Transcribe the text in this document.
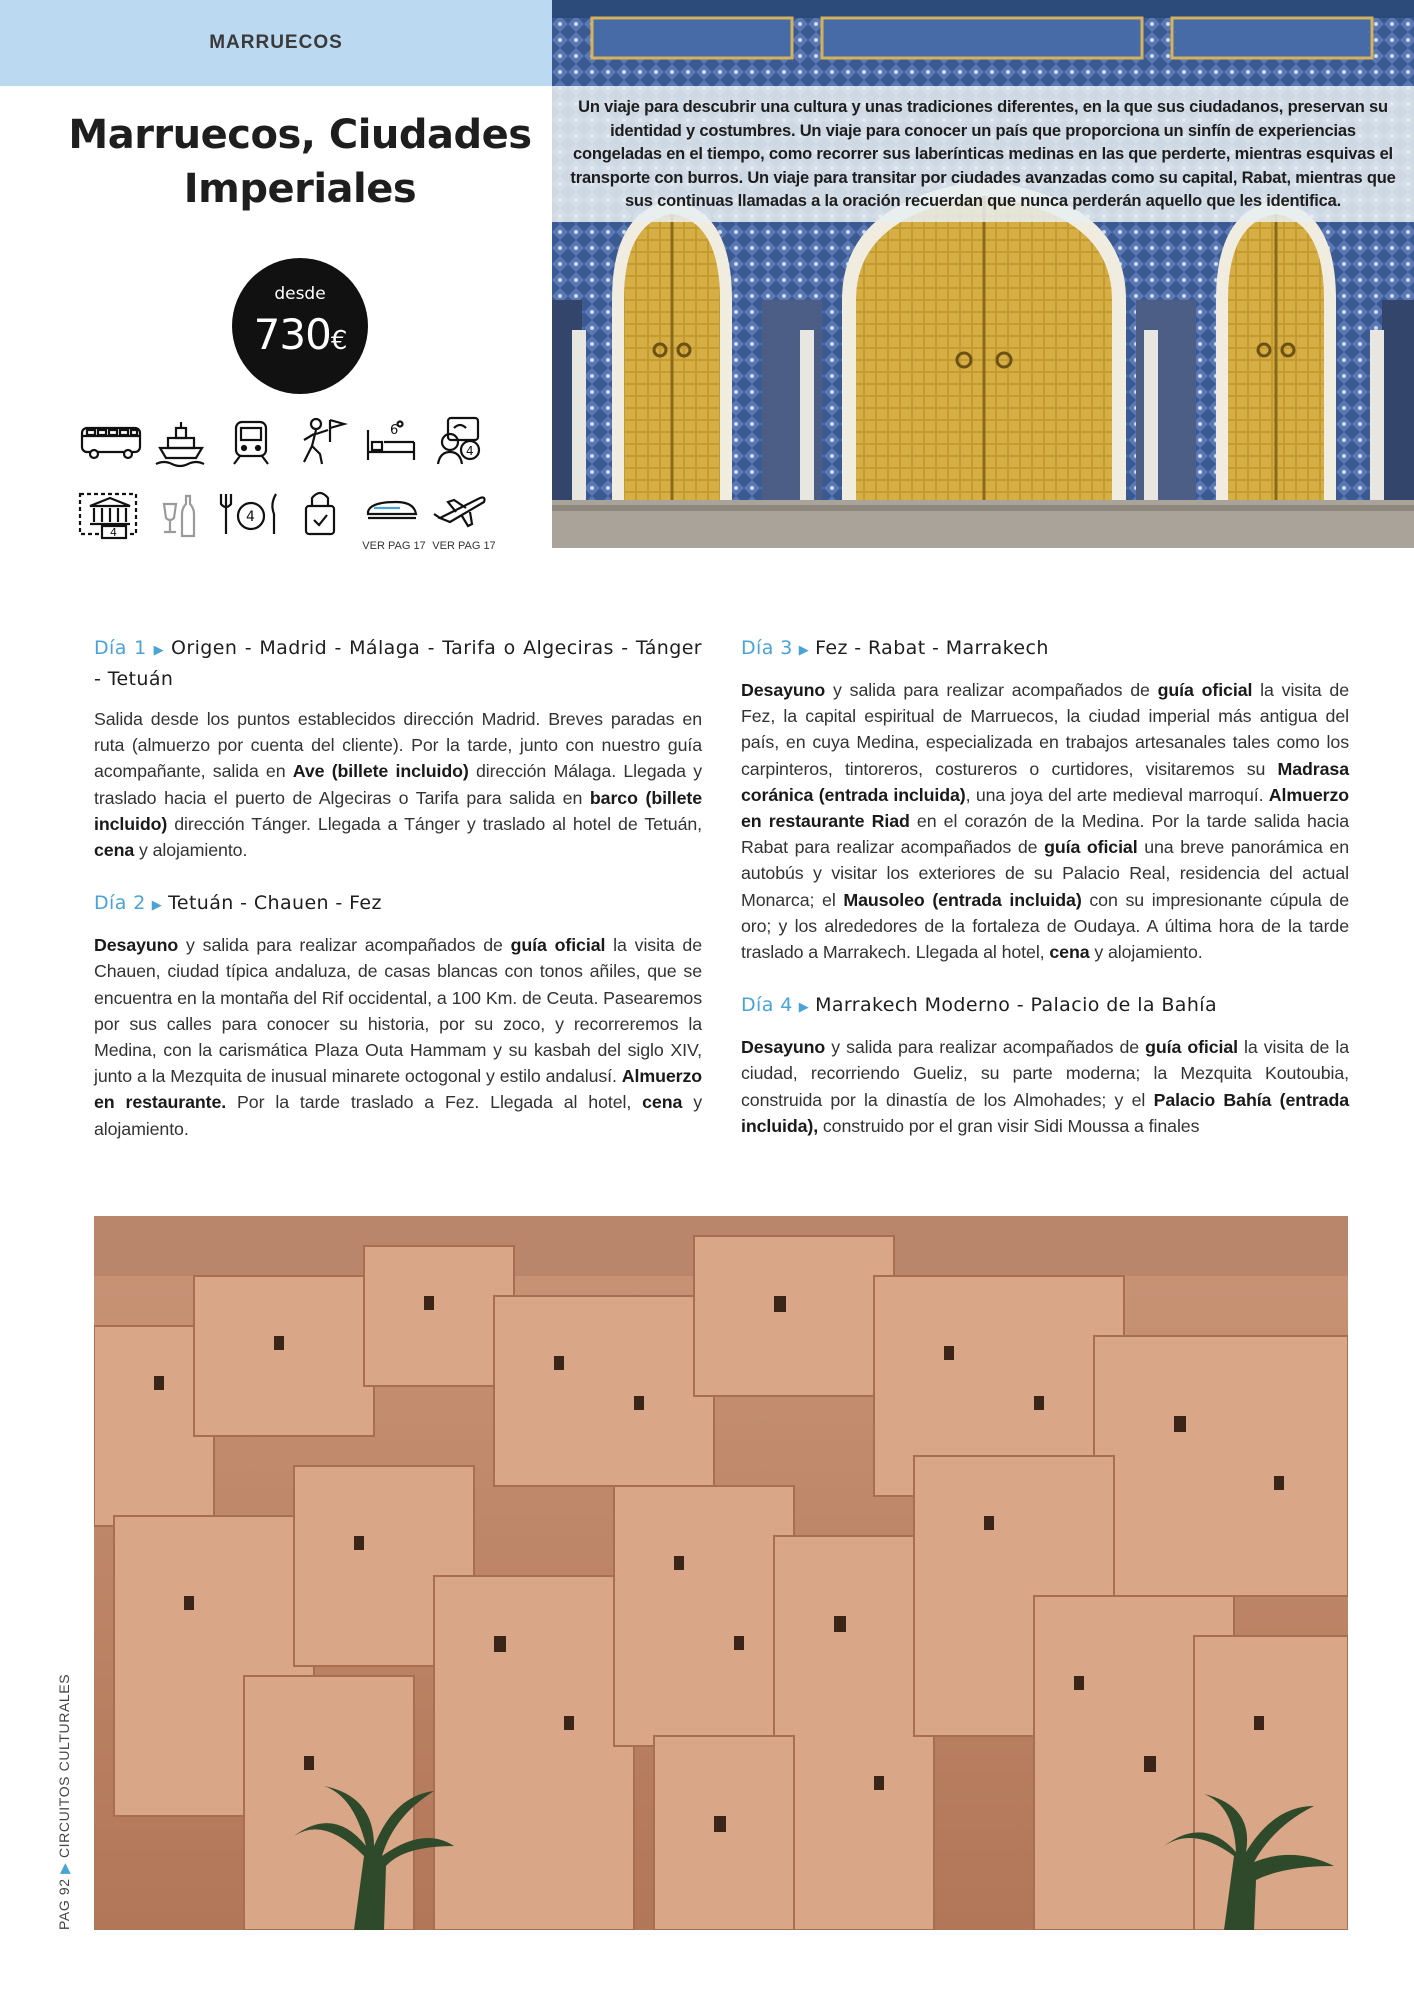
MARRUECOS
Marruecos, Ciudades
Imperiales
desde
730€
6
4
4
4
VER PAG 17 VER PAG 17

Un viaje para descubrir una cultura y unas tradiciones diferentes, en la que sus ciudadanos, preservan su identidad y costumbres. Un viaje para conocer un país que proporciona un sinfín de experiencias congeladas en el tiempo, como recorrer sus laberínticas medinas en las que perderte, mientras esquivas el transporte con burros. Un viaje para transitar por ciudades avanzadas como su capital, Rabat, mientras que sus continuas llamadas a la oración recuerdan que nunca perderán aquello que les identifica.

Día 1 ▶ Origen - Madrid - Málaga - Tarifa o Algeciras - Tánger - Tetuán

Salida desde los puntos establecidos dirección Madrid. Breves paradas en ruta (almuerzo por cuenta del cliente). Por la tarde, junto con nuestro guía acompañante, salida en Ave (billete incluido) dirección Málaga. Llegada y traslado hacia el puerto de Algeciras o Tarifa para salida en barco (billete incluido) dirección Tánger. Llegada a Tánger y traslado al hotel de Tetuán, cena y alojamiento.

Día 2 ▶ Tetuán - Chauen - Fez

Desayuno y salida para realizar acompañados de guía oficial la visita de Chauen, ciudad típica andaluza, de casas blancas con tonos añiles, que se encuentra en la montaña del Rif occidental, a 100 Km. de Ceuta. Pasearemos por sus calles para conocer su historia, por su zoco, y recorreremos la Medina, con la carismática Plaza Outa Hammam y su kasbah del siglo XIV, junto a la Mezquita de inusual minarete octogonal y estilo andalusí. Almuerzo en restaurante. Por la tarde traslado a Fez. Llegada al hotel, cena y alojamiento.

Día 3 ▶ Fez - Rabat - Marrakech

Desayuno y salida para realizar acompañados de guía oficial la visita de Fez, la capital espiritual de Marruecos, la ciudad imperial más antigua del país, en cuya Medina, especializada en trabajos artesanales tales como los carpinteros, tintoreros, costureros o curtidores, visitaremos su Madrasa coránica (entrada incluida), una joya del arte medieval marroquí. Almuerzo en restaurante Riad en el corazón de la Medina. Por la tarde salida hacia Rabat para realizar acompañados de guía oficial una breve panorámica en autobús y visitar los exteriores de su Palacio Real, residencia del actual Monarca; el Mausoleo (entrada incluida) con su impresionante cúpula de oro; y los alrededores de la fortaleza de Oudaya. A última hora de la tarde traslado a Marrakech. Llegada al hotel, cena y alojamiento.

Día 4 ▶ Marrakech Moderno - Palacio de la Bahía

Desayuno y salida para realizar acompañados de guía oficial la visita de la ciudad, recorriendo Gueliz, su parte moderna; la Mezquita Koutoubia, construida por la dinastía de los Almohades; y el Palacio Bahía (entrada incluida), construido por el gran visir Sidi Moussa a finales

PAG 92 ▶ CIRCUITOS CULTURALES
